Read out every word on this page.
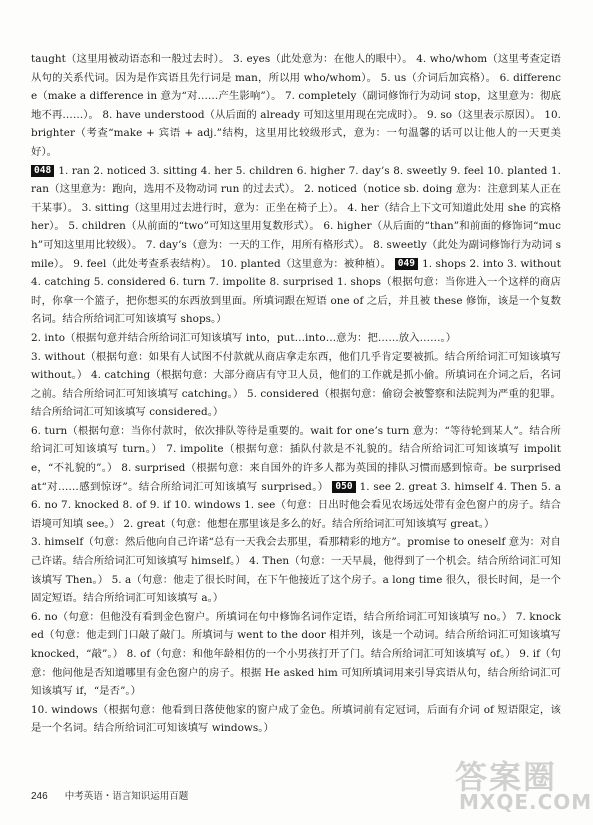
taught（这里用被动语态和一般过去时）。 3. eyes（此处意为：在他人的眼中）。 4. who/whom（这里考查定语从句的关系代词。因为是作宾语且先行词是 man，所以用 who/whom）。 5. us（介词后加宾格）。 6. difference（make a difference in 意为“对……产生影响”）。 7. completely（副词修饰行为动词 stop，这里意为：彻底地不再……）。 8. have understood（从后面的 already 可知这里用现在完成时）。 9. so（这里表示原因）。 10. brighter（考查“make + 宾语 + adj.”结构，这里用比较级形式，意为：一句温馨的话可以让他人的一天更美好）。

048 1. ran 2. noticed 3. sitting 4. her 5. children 6. higher 7. day’s 8. sweetly 9. feel 10. planted 1. ran（这里意为：跑向，选用不及物动词 run 的过去式）。 2. noticed（notice sb. doing 意为：注意到某人正在干某事）。 3. sitting（这里用过去进行时，意为：正坐在椅子上）。 4. her（结合上下文可知道此处用 she 的宾格 her）。 5. children（从前面的“two”可知这里用复数形式）。 6. higher（从后面的“than”和前面的修饰词“much”可知这里用比较级）。 7. day’s（意为：一天的工作，用所有格形式）。 8. sweetly（此处为副词修饰行为动词 smile）。 9. feel（此处考查系表结构）。 10. planted（这里意为：被种植）。 049 1. shops 2. into 3. without 4. catching 5. considered 6. turn 7. impolite 8. surprised 1. shops（根据句意：当你进入一个这样的商店时，你拿一个篮子，把你想买的东西放到里面。所填词跟在短语 one of 之后，并且被 these 修饰，该是一个复数名词。结合所给词汇可知该填写 shops。）

2. into（根据句意并结合所给词汇可知该填写 into，put…into…意为：把……放入……。）

3. without（根据句意：如果有人试图不付款就从商店拿走东西，他们几乎肯定要被抓。结合所给词汇可知该填写 without。） 4. catching（根据句意：大部分商店有守卫人员，他们的工作就是抓小偷。所填词在介词之后，名词之前。结合所给词汇可知该填写 catching。） 5. considered（根据句意：偷窃会被警察和法院判为严重的犯罪。结合所给词汇可知该填写 considered。）

6. turn（根据句意：当你付款时，依次排队等待是重要的。wait for one’s turn 意为：“等待轮到某人”。结合所给词汇可知该填写 turn。） 7. impolite（根据句意：插队付款是不礼貌的。结合所给词汇可知该填写 impolite，“不礼貌的”。） 8. surprised（根据句意：来自国外的许多人都为英国的排队习惯而感到惊奇。be surprised at“对……感到惊讶”。结合所给词汇可知该填写 surprised。） 050 1. see 2. great 3. himself 4. Then 5. a 6. no 7. knocked 8. of 9. if 10. windows 1. see（句意：日出时他会看见农场远处带有金色窗户的房子。结合语境可知填 see。） 2. great（句意：他想在那里该是多么的好。结合所给词汇可知该填写 great。）

3. himself（句意：然后他向自己许诺“总有一天我会去那里，看那精彩的地方”。promise to oneself 意为：对自己许诺。结合所给词汇可知该填写 himself。） 4. Then（句意：一天早晨，他得到了一个机会。结合所给词汇可知该填写 Then。） 5. a（句意：他走了很长时间，在下午他接近了这个房子。a long time 很久，很长时间，是一个固定短语。结合所给词汇可知该填写 a。）

6. no（句意：但他没有看到金色窗户。所填词在句中修饰名词作定语，结合所给词汇可知该填写 no。） 7. knocked（句意：他走到门口敲了敲门。所填词与 went to the door 相并列，该是一个动词。结合所给词汇可知该填写 knocked，“敲”。） 8. of（句意：和他年龄相仿的一个小男孩打开了门。结合所给词汇可知该填写 of。） 9. if（句意：他问他是否知道哪里有金色窗户的房子。根据 He asked him 可知所填词用来引导宾语从句，结合所给词汇可知该填写 if，“是否”。）

10. windows（根据句意：他看到日落使他家的窗户成了金色。所填词前有定冠词，后面有介词 of 短语限定，该是一个名词。结合所给词汇可知该填写 windows。）

246 中考英语・语言知识运用百题
答案圈
MXQE.COM
